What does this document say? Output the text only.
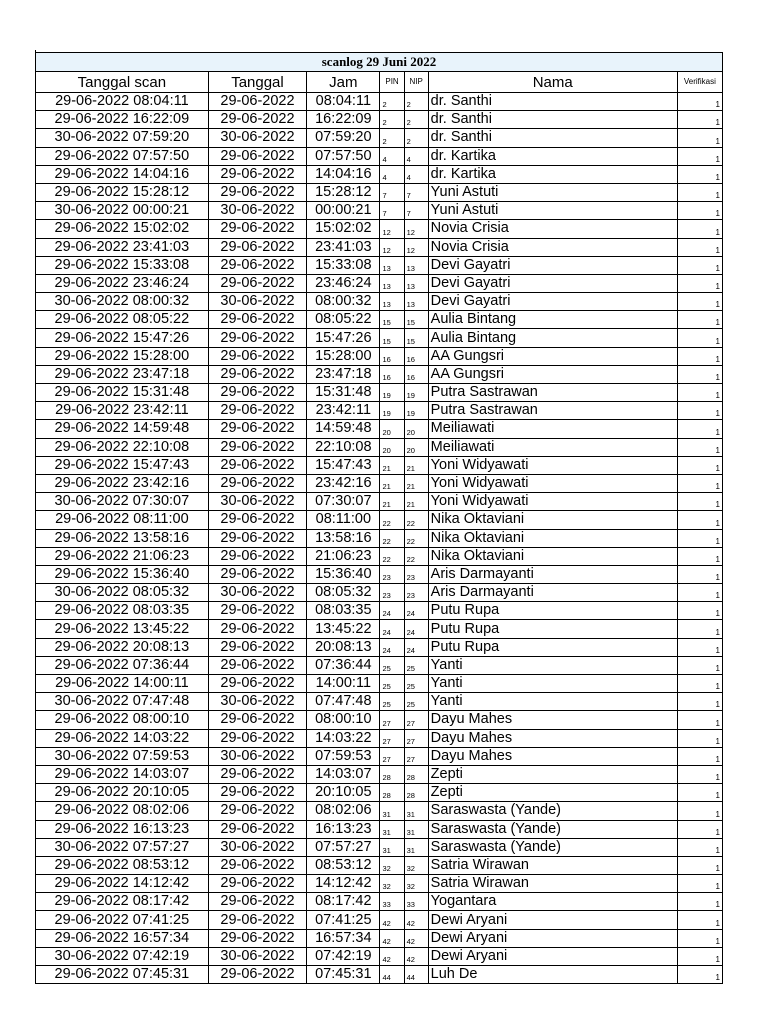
scanlog 29 Juni 2022						
Tanggal scan	Tanggal	Jam	PIN	NIP	Nama	Verifikasi
29-06-2022 08:04:11	29-06-2022	08:04:11	2	2	dr. Santhi	1
29-06-2022 16:22:09	29-06-2022	16:22:09	2	2	dr. Santhi	1
30-06-2022 07:59:20	30-06-2022	07:59:20	2	2	dr. Santhi	1
29-06-2022 07:57:50	29-06-2022	07:57:50	4	4	dr. Kartika	1
29-06-2022 14:04:16	29-06-2022	14:04:16	4	4	dr. Kartika	1
29-06-2022 15:28:12	29-06-2022	15:28:12	7	7	Yuni Astuti	1
30-06-2022 00:00:21	30-06-2022	00:00:21	7	7	Yuni Astuti	1
29-06-2022 15:02:02	29-06-2022	15:02:02	12	12	Novia Crisia	1
29-06-2022 23:41:03	29-06-2022	23:41:03	12	12	Novia Crisia	1
29-06-2022 15:33:08	29-06-2022	15:33:08	13	13	Devi Gayatri	1
29-06-2022 23:46:24	29-06-2022	23:46:24	13	13	Devi Gayatri	1
30-06-2022 08:00:32	30-06-2022	08:00:32	13	13	Devi Gayatri	1
29-06-2022 08:05:22	29-06-2022	08:05:22	15	15	Aulia Bintang	1
29-06-2022 15:47:26	29-06-2022	15:47:26	15	15	Aulia Bintang	1
29-06-2022 15:28:00	29-06-2022	15:28:00	16	16	AA Gungsri	1
29-06-2022 23:47:18	29-06-2022	23:47:18	16	16	AA Gungsri	1
29-06-2022 15:31:48	29-06-2022	15:31:48	19	19	Putra Sastrawan	1
29-06-2022 23:42:11	29-06-2022	23:42:11	19	19	Putra Sastrawan	1
29-06-2022 14:59:48	29-06-2022	14:59:48	20	20	Meiliawati	1
29-06-2022 22:10:08	29-06-2022	22:10:08	20	20	Meiliawati	1
29-06-2022 15:47:43	29-06-2022	15:47:43	21	21	Yoni Widyawati	1
29-06-2022 23:42:16	29-06-2022	23:42:16	21	21	Yoni Widyawati	1
30-06-2022 07:30:07	30-06-2022	07:30:07	21	21	Yoni Widyawati	1
29-06-2022 08:11:00	29-06-2022	08:11:00	22	22	Nika Oktaviani	1
29-06-2022 13:58:16	29-06-2022	13:58:16	22	22	Nika Oktaviani	1
29-06-2022 21:06:23	29-06-2022	21:06:23	22	22	Nika Oktaviani	1
29-06-2022 15:36:40	29-06-2022	15:36:40	23	23	Aris Darmayanti	1
30-06-2022 08:05:32	30-06-2022	08:05:32	23	23	Aris Darmayanti	1
29-06-2022 08:03:35	29-06-2022	08:03:35	24	24	Putu Rupa	1
29-06-2022 13:45:22	29-06-2022	13:45:22	24	24	Putu Rupa	1
29-06-2022 20:08:13	29-06-2022	20:08:13	24	24	Putu Rupa	1
29-06-2022 07:36:44	29-06-2022	07:36:44	25	25	Yanti	1
29-06-2022 14:00:11	29-06-2022	14:00:11	25	25	Yanti	1
30-06-2022 07:47:48	30-06-2022	07:47:48	25	25	Yanti	1
29-06-2022 08:00:10	29-06-2022	08:00:10	27	27	Dayu Mahes	1
29-06-2022 14:03:22	29-06-2022	14:03:22	27	27	Dayu Mahes	1
30-06-2022 07:59:53	30-06-2022	07:59:53	27	27	Dayu Mahes	1
29-06-2022 14:03:07	29-06-2022	14:03:07	28	28	Zepti	1
29-06-2022 20:10:05	29-06-2022	20:10:05	28	28	Zepti	1
29-06-2022 08:02:06	29-06-2022	08:02:06	31	31	Saraswasta (Yande)	1
29-06-2022 16:13:23	29-06-2022	16:13:23	31	31	Saraswasta (Yande)	1
30-06-2022 07:57:27	30-06-2022	07:57:27	31	31	Saraswasta (Yande)	1
29-06-2022 08:53:12	29-06-2022	08:53:12	32	32	Satria Wirawan	1
29-06-2022 14:12:42	29-06-2022	14:12:42	32	32	Satria Wirawan	1
29-06-2022 08:17:42	29-06-2022	08:17:42	33	33	Yogantara	1
29-06-2022 07:41:25	29-06-2022	07:41:25	42	42	Dewi Aryani	1
29-06-2022 16:57:34	29-06-2022	16:57:34	42	42	Dewi Aryani	1
30-06-2022 07:42:19	30-06-2022	07:42:19	42	42	Dewi Aryani	1
29-06-2022 07:45:31	29-06-2022	07:45:31	44	44	Luh De	1
